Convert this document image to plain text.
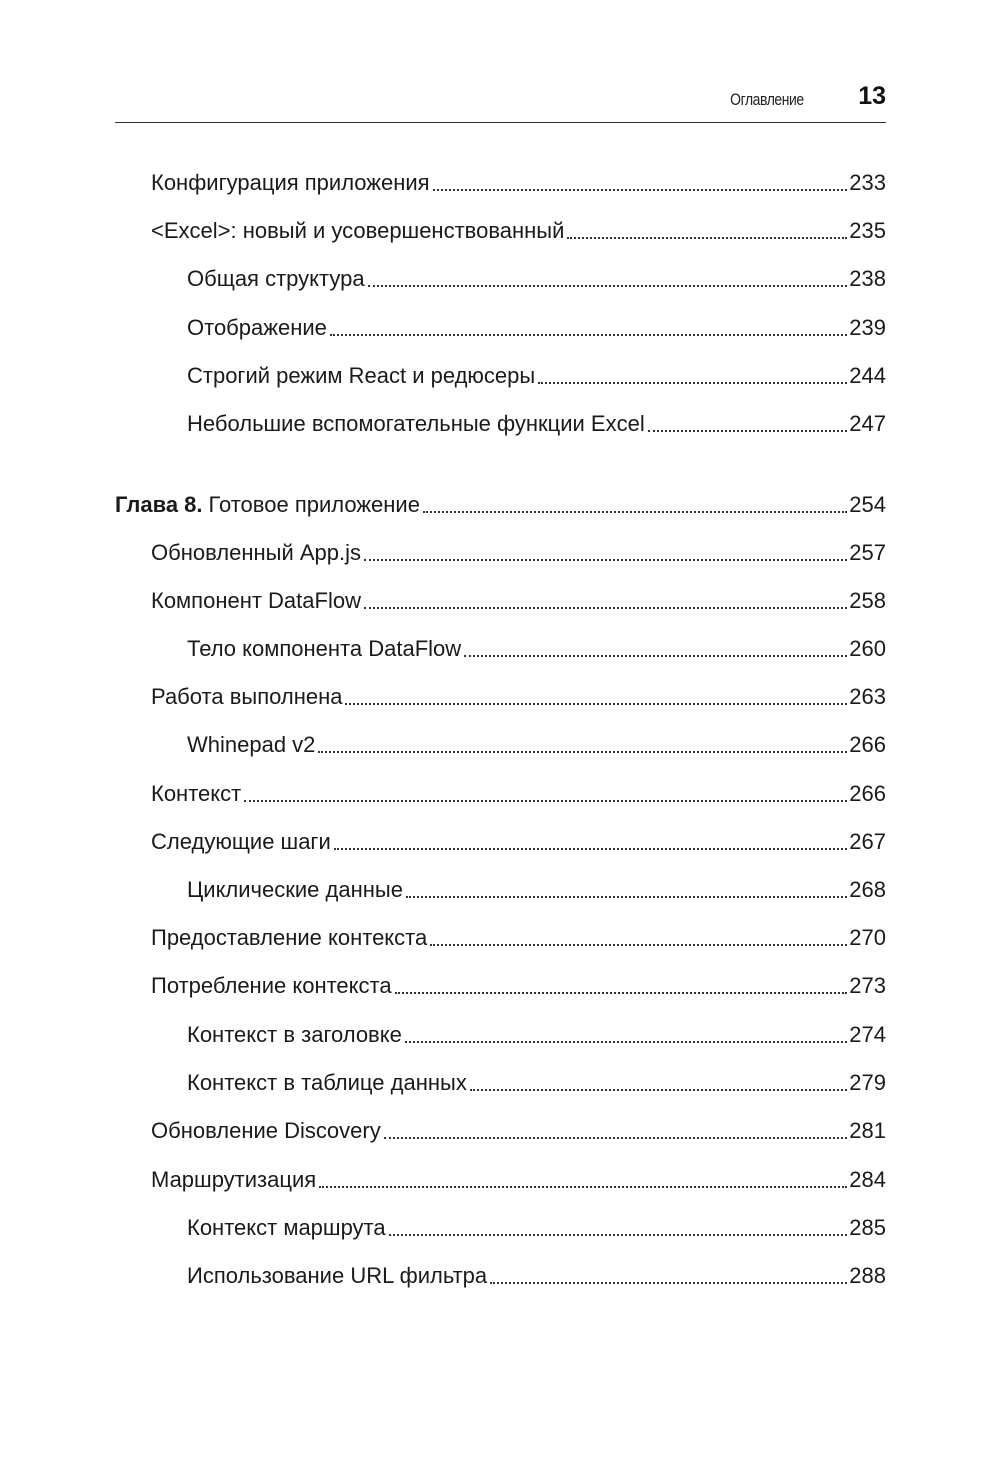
Оглавление 13
Конфигурация приложения	233
<Excel>: новый и усовершенствованный	235
Общая структура	238
Отображение	239
Строгий режим React и редюсеры	244
Небольшие вспомогательные функции Excel	247
Глава 8. Готовое приложение	254
Обновленный App.js	257
Компонент DataFlow	258
Тело компонента DataFlow	260
Работа выполнена	263
Whinepad v2	266
Контекст	266
Следующие шаги	267
Циклические данные	268
Предоставление контекста	270
Потребление контекста	273
Контекст в заголовке	274
Контекст в таблице данных	279
Обновление Discovery	281
Маршрутизация	284
Контекст маршрута	285
Использование URL фильтра	288
